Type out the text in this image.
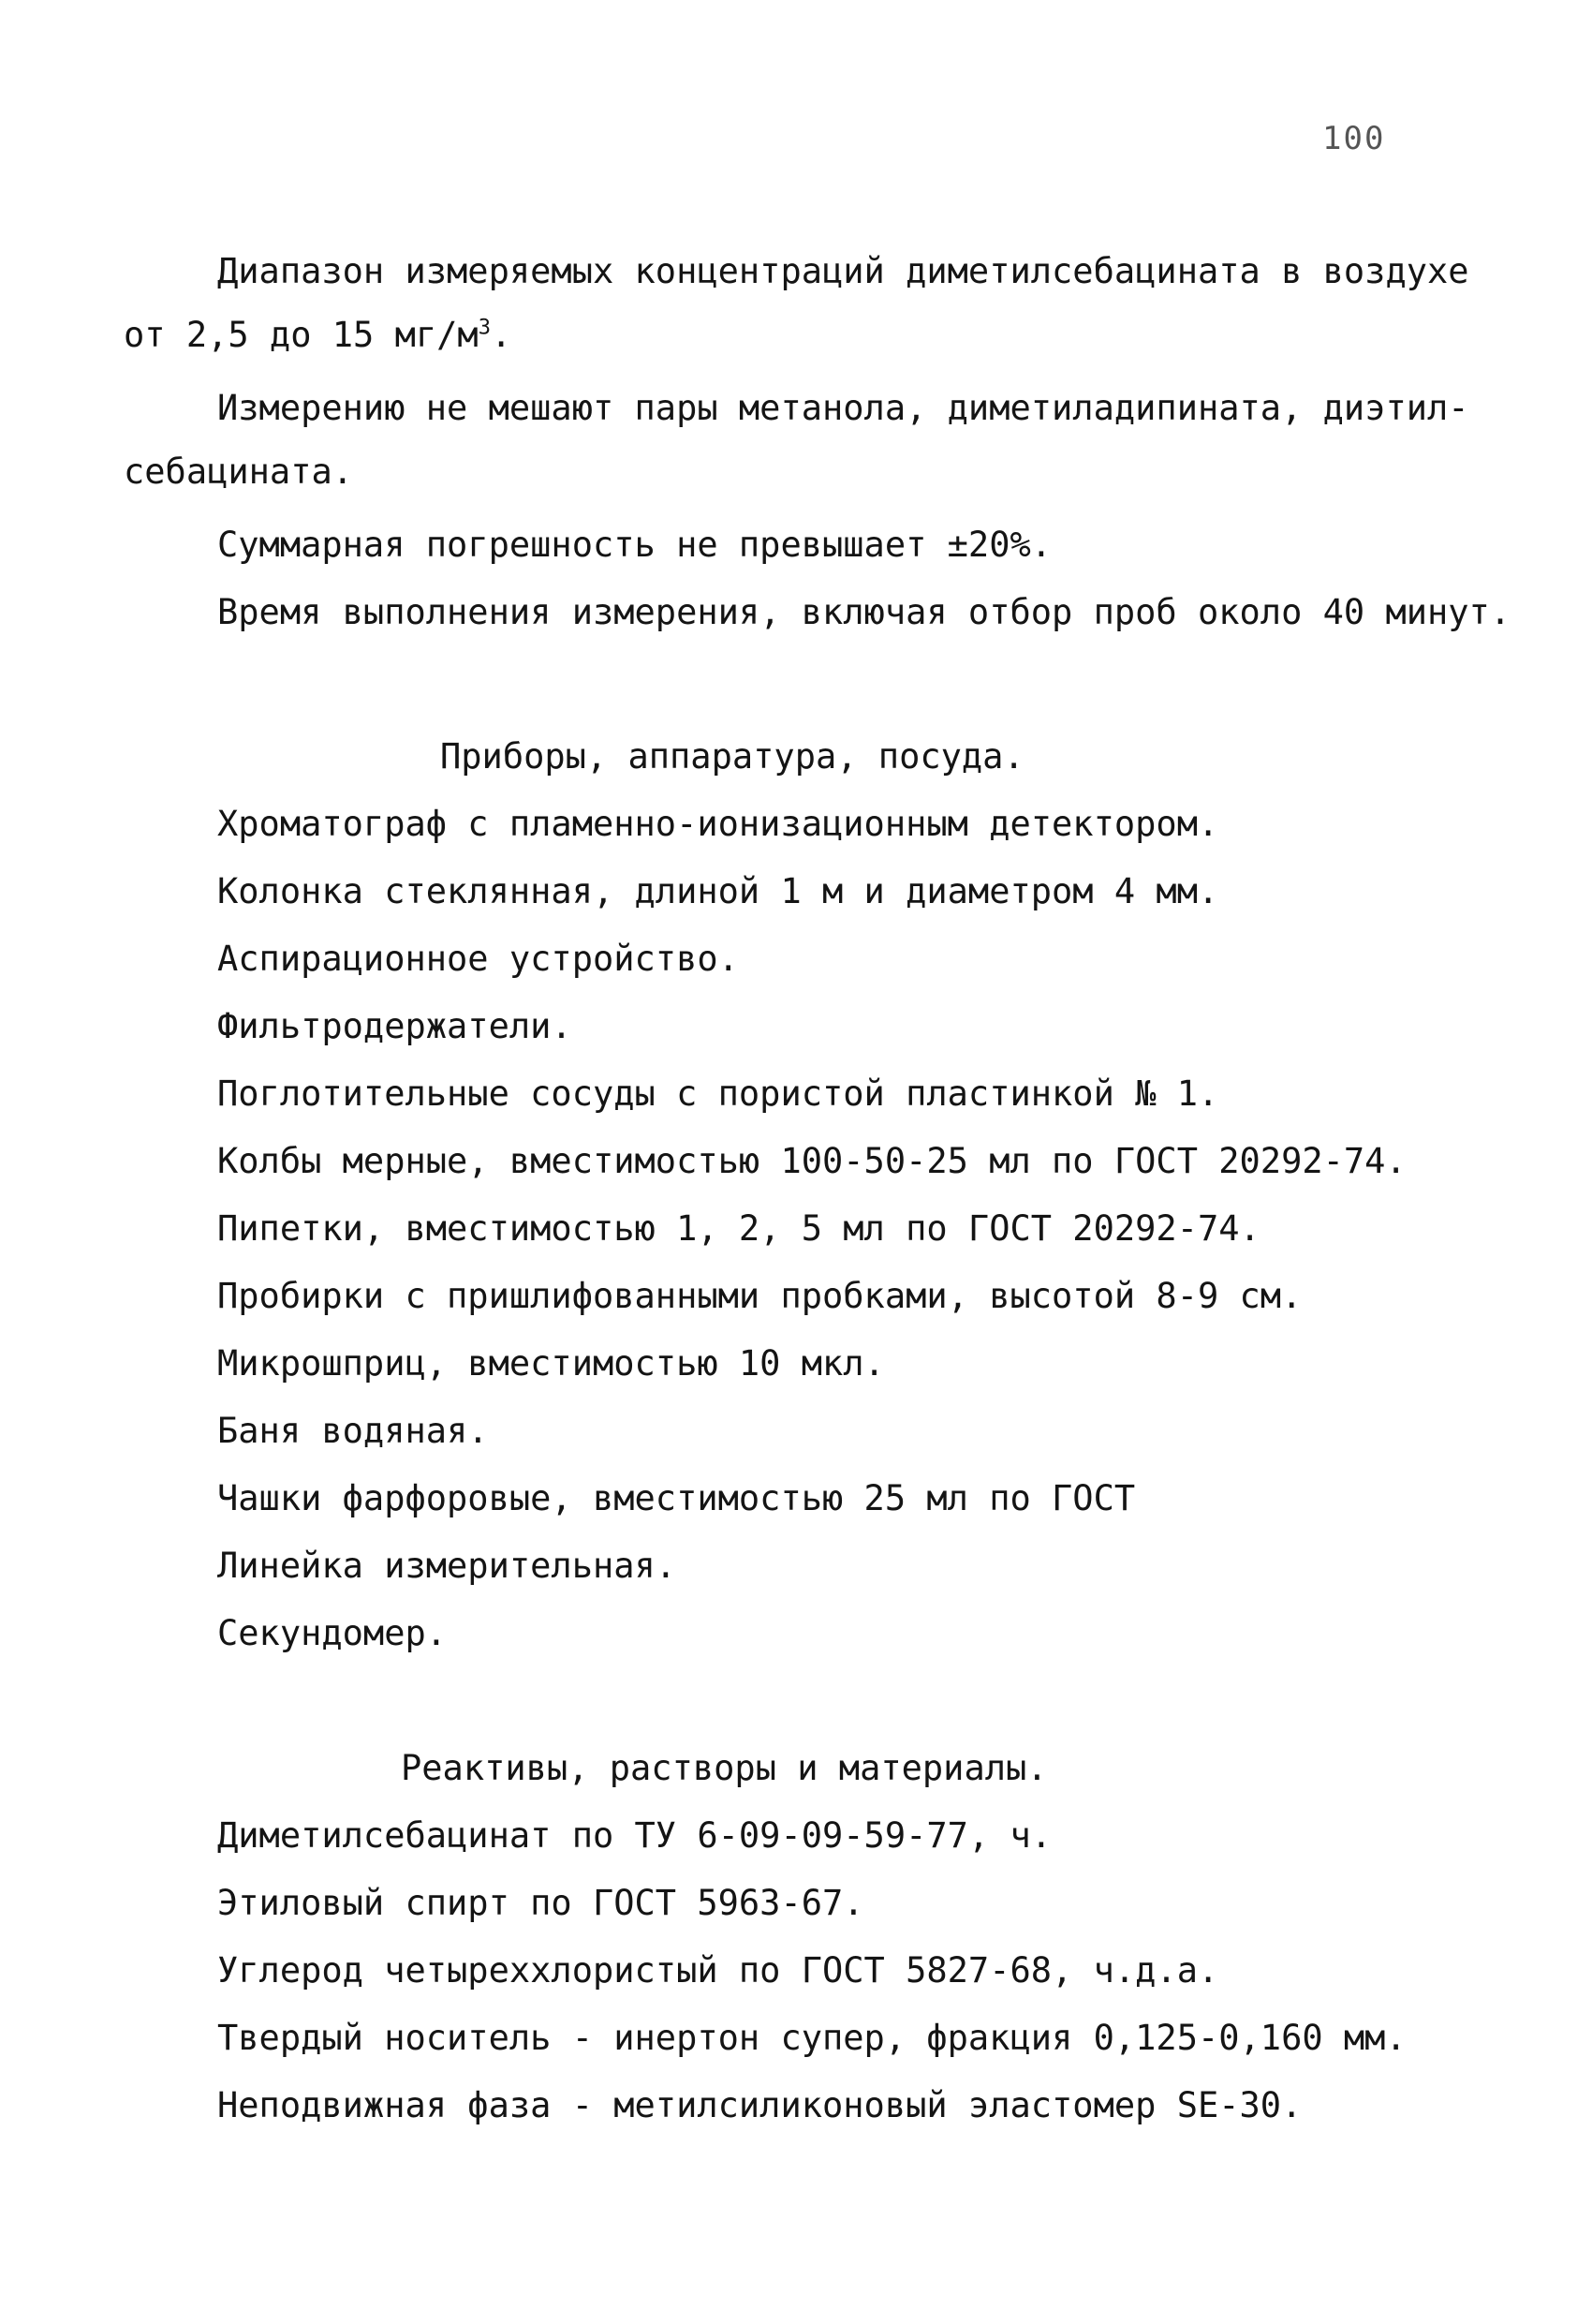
100
Диапазон измеряемых концентраций диметилсебацината в воздухе
от 2,5 до 15 $мг/м^3$.
Измерению не мешают пары метанола, диметиладипината, диэтил-
себацината.
Суммарная погрешность не превышает ±20%.
Время выполнения измерения, включая отбор проб около 40 минут.
Приборы, аппаратура, посуда.
Хроматограф с пламенно-ионизационным детектором.
Колонка стеклянная, длиной 1 м и диаметром 4 мм.
Аспирационное устройство.
Фильтродержатели.
Поглотительные сосуды с пористой пластинкой № 1.
Колбы мерные, вместимостью 100-50-25 мл по ГОСТ 20292-74.
Пипетки, вместимостью 1, 2, 5 мл по ГОСТ 20292-74.
Пробирки с пришлифованными пробками, высотой 8-9 см.
Микрошприц, вместимостью 10 мкл.
Баня водяная.
Чашки фарфоровые, вместимостью 25 мл по ГОСТ
Линейка измерительная.
Секундомер.
Реактивы, растворы и материалы.
Диметилсебацинат по ТУ 6-09-09-59-77, ч.
Этиловый спирт по ГОСТ 5963-67.
Углерод четыреххлористый по ГОСТ 5827-68, ч.д.а.
Твердый носитель - инертон супер, фракция 0,125-0,160 мм.
Неподвижная фаза - метилсиликоновый эластомер SE-30.
